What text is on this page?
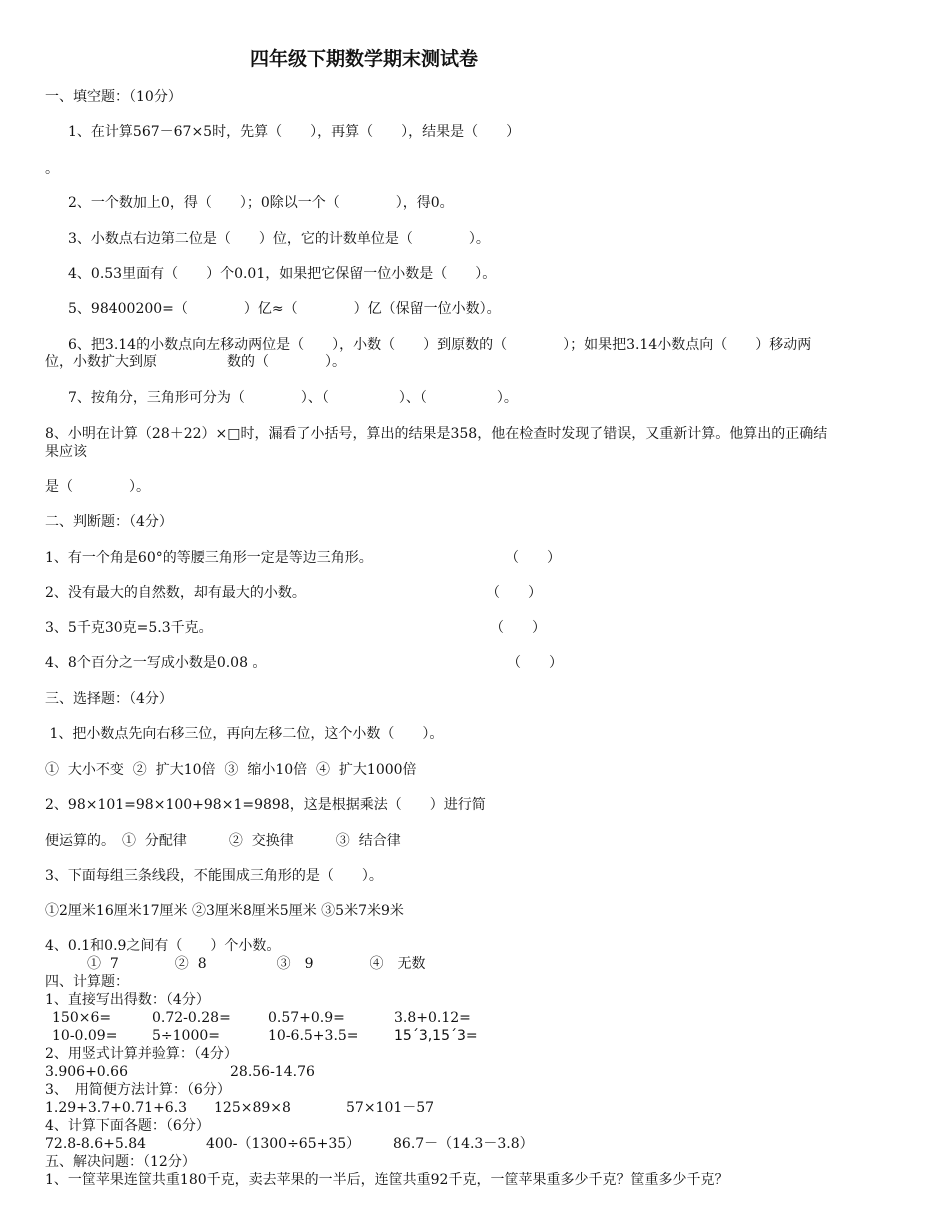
四年级下期数学期末测试卷
一、填空题：（10分）
1、在计算567－67×5时，先算（　　），再算（　　），结果是（　　）
。
2、一个数加上0，得（　　）；0除以一个（　　　　），得0。
3、小数点右边第二位是（　　）位，它的计数单位是（　　　　）。
4、0.53里面有（　　）个0.01，如果把它保留一位小数是（　　）。
5、98400200=（　　　　）亿≈（　　　　）亿（保留一位小数）。
6、把3.14的小数点向左移动两位是（　　），小数（　　）到原数的（　　　　）；如果把3.14小数点向（　　）移动两
位，小数扩大到原　　　　　数的（　　　　）。
7、按角分，三角形可分为（　　　　）、（　　　　　）、（　　　　　）。
8、小明在计算（28＋22）×□时，漏看了小括号，算出的结果是358，他在检查时发现了错误，又重新计算。他算出的正确结
果应该
是（　　　　）。
二、判断题：（4分）
1、有一个角是60°的等腰三角形一定是等边三角形。	（　　）
2、没有最大的自然数，却有最大的小数。	（　　）
3、5千克30克=5.3千克。	（　　）
4、8个百分之一写成小数是0.08 。	（　　）
三、选择题：（4分）
1、把小数点先向右移三位，再向左移二位，这个小数（　　）。
①  大小不变  ②  扩大10倍  ③  缩小10倍  ④  扩大1000倍
2、98×101=98×100+98×1=9898，这是根据乘法（　　）进行简
便运算的。　①  分配律　　　②  交换律　　　③  结合律
3、下面每组三条线段，不能围成三角形的是（　　）。
①2厘米16厘米17厘米 ②3厘米8厘米5厘米 ③5米7米9米
4、0.1和0.9之间有（　　）个小数。
　　　①  7　　　　②  8　　　　　③　9　　　　④　无数
四、计算题：
1、直接写出得数：（4分）
150×6=	0.72-0.28=	0.57+0.9=	3.8+0.12=
10-0.09= 5÷1000=	10-6.5+3.5=	15´3,15´3=
2、用竖式计算并验算：（4分）
3.906+0.66	28.56-14.76
3、　用简便方法计算：（6分）
1.29+3.7+0.71+6.3 125×89×8	57×101－57
4、计算下面各题：（6分）
72.8-8.6+5.84	400-（1300÷65+35） 86.7－（14.3－3.8）
五、解决问题：（12分）
1、一筐苹果连筐共重180千克，卖去苹果的一半后，连筐共重92千克，一筐苹果重多少千克？筐重多少千克？
